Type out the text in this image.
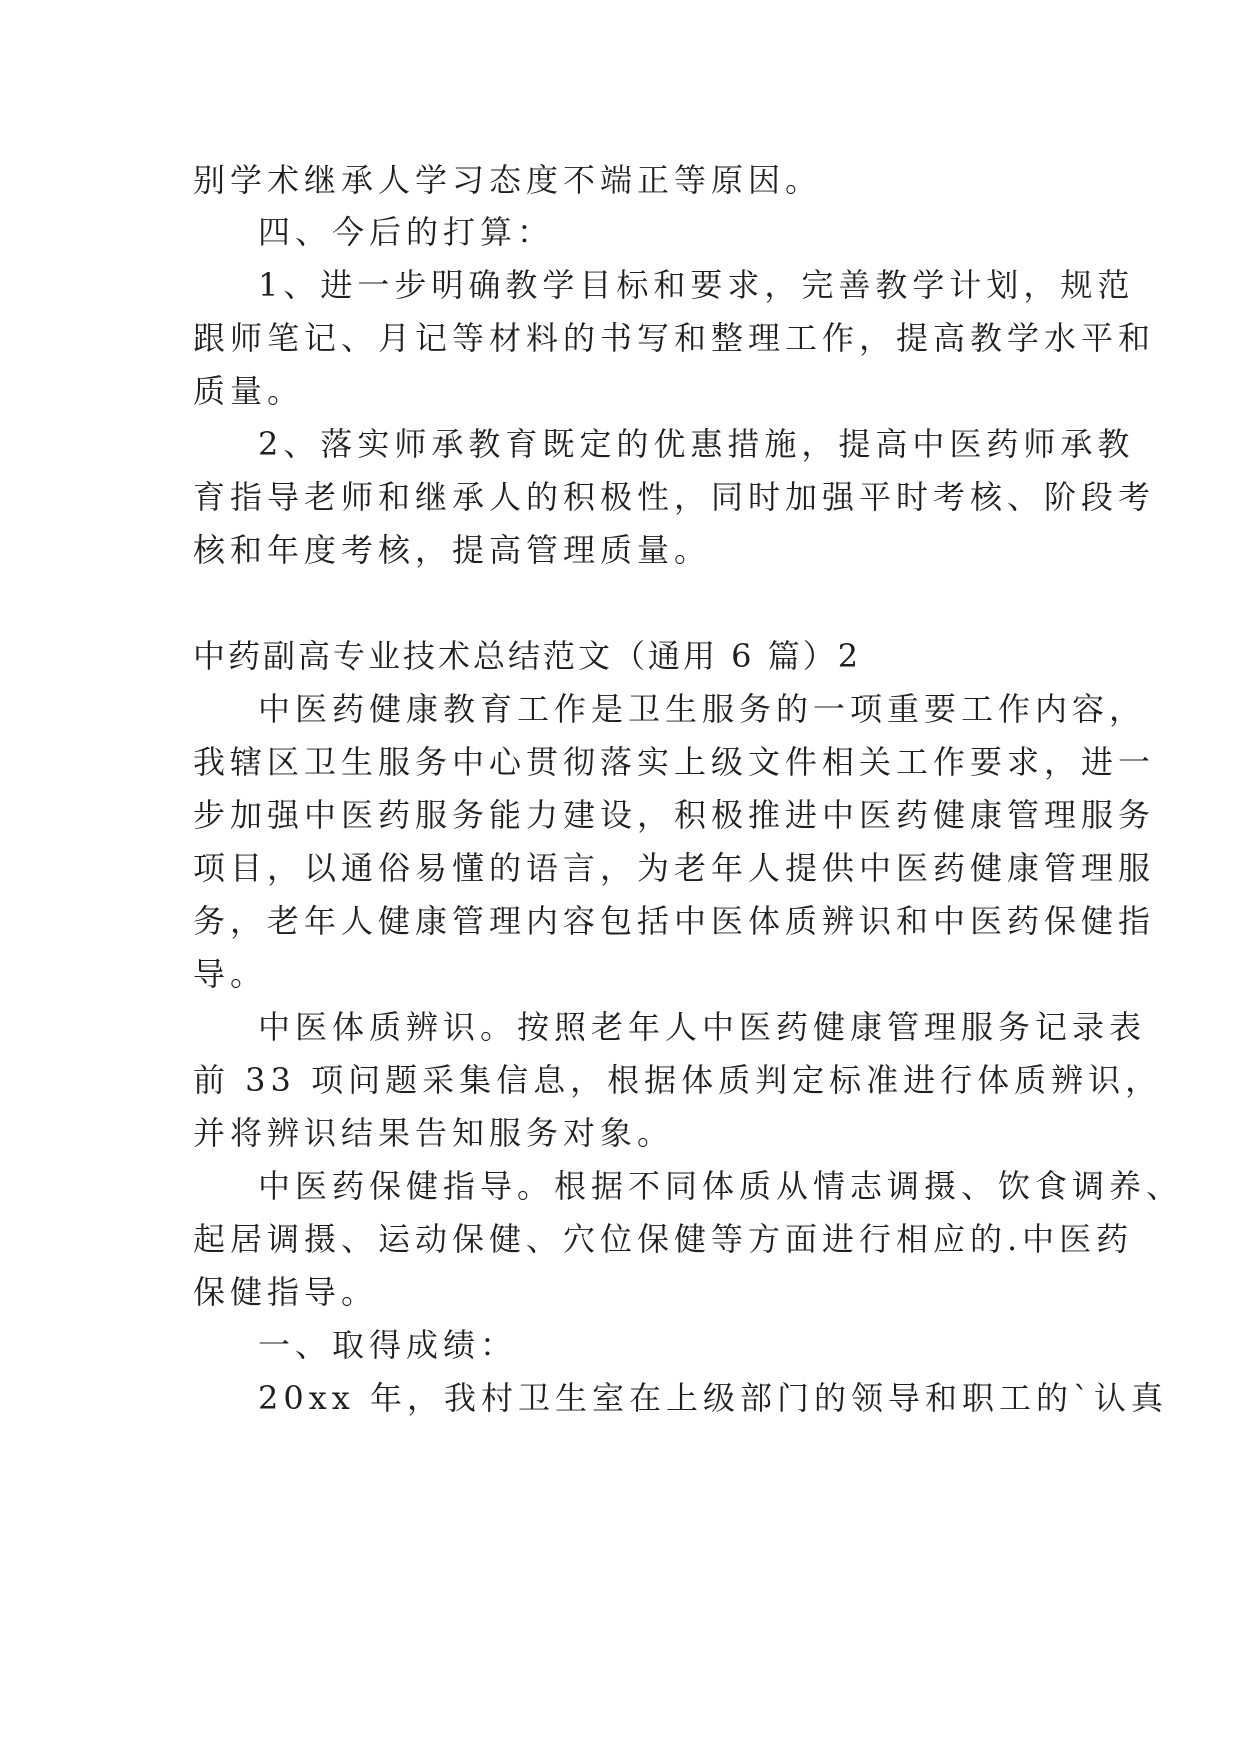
别学术继承人学习态度不端正等原因。
四、今后的打算：
1、进一步明确教学目标和要求，完善教学计划，规范
跟师笔记、月记等材料的书写和整理工作，提高教学水平和
质量。
2、落实师承教育既定的优惠措施，提高中医药师承教
育指导老师和继承人的积极性，同时加强平时考核、阶段考
核和年度考核，提高管理质量。
中药副高专业技术总结范文（通用 6 篇）2
中医药健康教育工作是卫生服务的一项重要工作内容，
我辖区卫生服务中心贯彻落实上级文件相关工作要求，进一
步加强中医药服务能力建设，积极推进中医药健康管理服务
项目，以通俗易懂的语言，为老年人提供中医药健康管理服
务，老年人健康管理内容包括中医体质辨识和中医药保健指
导。
中医体质辨识。按照老年人中医药健康管理服务记录表
前 33 项问题采集信息，根据体质判定标准进行体质辨识，
并将辨识结果告知服务对象。
中医药保健指导。根据不同体质从情志调摄、饮食调养、
起居调摄、运动保健、穴位保健等方面进行相应的.中医药
保健指导。
一、取得成绩：
20xx 年，我村卫生室在上级部门的领导和职工的`认真
